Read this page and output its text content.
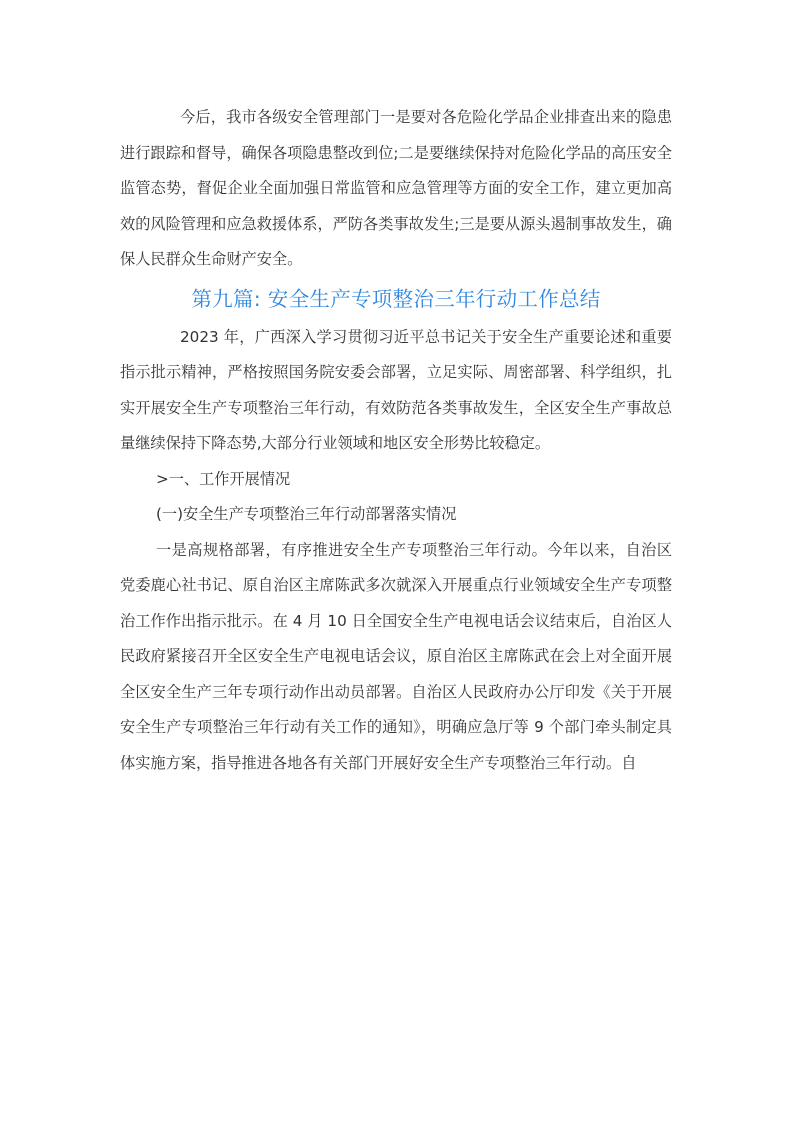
今后，我市各级安全管理部门一是要对各危险化学品企业排查出来的隐患进行跟踪和督导，确保各项隐患整改到位;二是要继续保持对危险化学品的高压安全监管态势，督促企业全面加强日常监管和应急管理等方面的安全工作，建立更加高效的风险管理和应急救援体系，严防各类事故发生;三是要从源头遏制事故发生，确保人民群众生命财产安全。

第九篇: 安全生产专项整治三年行动工作总结

2023 年，广西深入学习贯彻习近平总书记关于安全生产重要论述和重要指示批示精神，严格按照国务院安委会部署，立足实际、周密部署、科学组织，扎实开展安全生产专项整治三年行动，有效防范各类事故发生，全区安全生产事故总量继续保持下降态势,大部分行业领域和地区安全形势比较稳定。

>一、工作开展情况

(一)安全生产专项整治三年行动部署落实情况

一是高规格部署，有序推进安全生产专项整治三年行动。今年以来，自治区党委鹿心社书记、原自治区主席陈武多次就深入开展重点行业领域安全生产专项整治工作作出指示批示。在 4 月 10 日全国安全生产电视电话会议结束后，自治区人民政府紧接召开全区安全生产电视电话会议，原自治区主席陈武在会上对全面开展全区安全生产三年专项行动作出动员部署。自治区人民政府办公厅印发《关于开展安全生产专项整治三年行动有关工作的通知》，明确应急厅等 9 个部门牵头制定具体实施方案，指导推进各地各有关部门开展好安全生产专项整治三年行动。自
